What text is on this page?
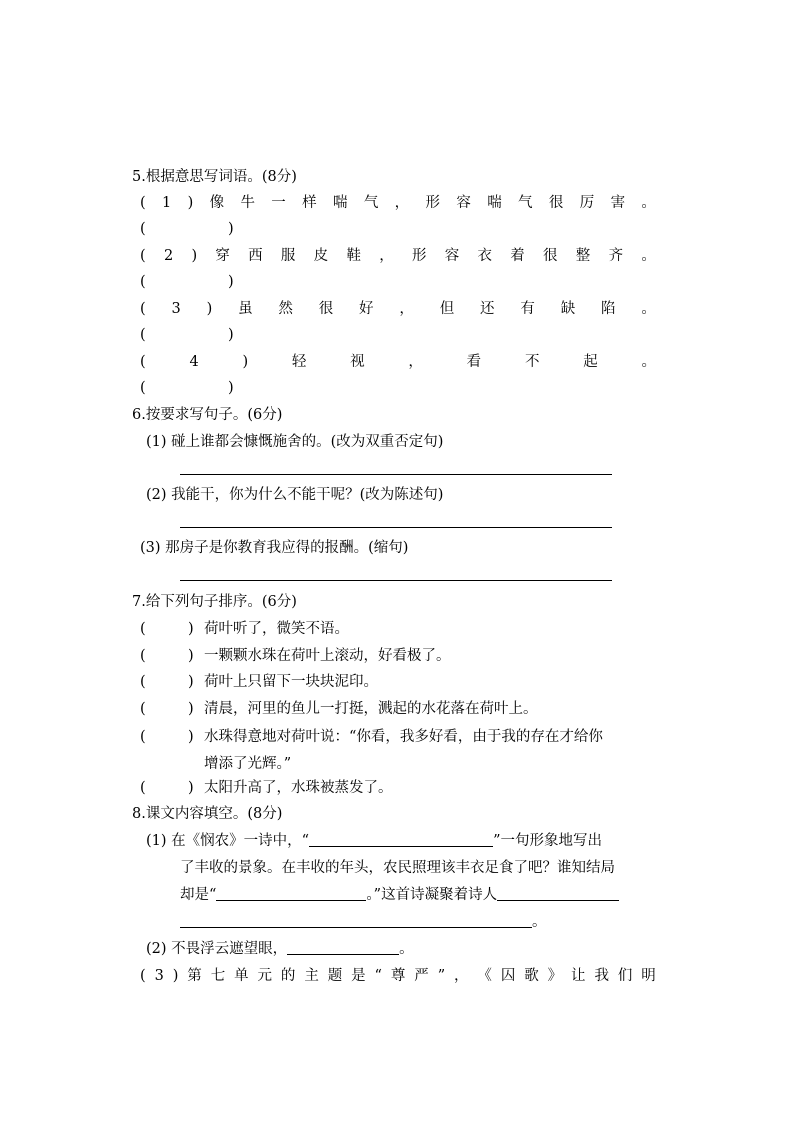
5.根据意思写词语。(8分)
( 1 ) 像 牛 一 样 喘 气 ， 形 容 喘 气 很 厉 害 。
(	)
( 2 ) 穿 西 服 皮 鞋 ， 形 容 衣 着 很 整 齐 。
(	)
( 3 ) 虽 然 很 好 ， 但 还 有 缺 陷 。
(	)
(	4	)	轻	视	，	看	不	起	。
(	)
6.按要求写句子。(6分)
(1) 碰上谁都会慷慨施舍的。(改为双重否定句)
(2) 我能干，你为什么不能干呢？(改为陈述句)
(3) 那房子是你教育我应得的报酬。(缩句)
7.给下列句子排序。(6分)
(	) 荷叶听了，微笑不语。
(	) 一颗颗水珠在荷叶上滚动，好看极了。
(	) 荷叶上只留下一块块泥印。
(	) 清晨，河里的鱼儿一打挺，溅起的水花落在荷叶上。
(	) 水珠得意地对荷叶说：“你看，我多好看，由于我的存在才给你
(	) 太阳升高了，水珠被蒸发了。
增添了光辉。”
8.课文内容填空。(8分)
(1) 在《悯农》一诗中，“	”一句形象地写出
了丰收的景象。在丰收的年头，农民照理该丰衣足食了吧？谁知结局
却是“	。”这首诗凝聚着诗人
。
(2) 不畏浮云遮望眼，	。
( 3 ) 第 七 单 元 的 主 题 是 “ 尊 严 ” ， 《 囚 歌 》 让 我 们 明
